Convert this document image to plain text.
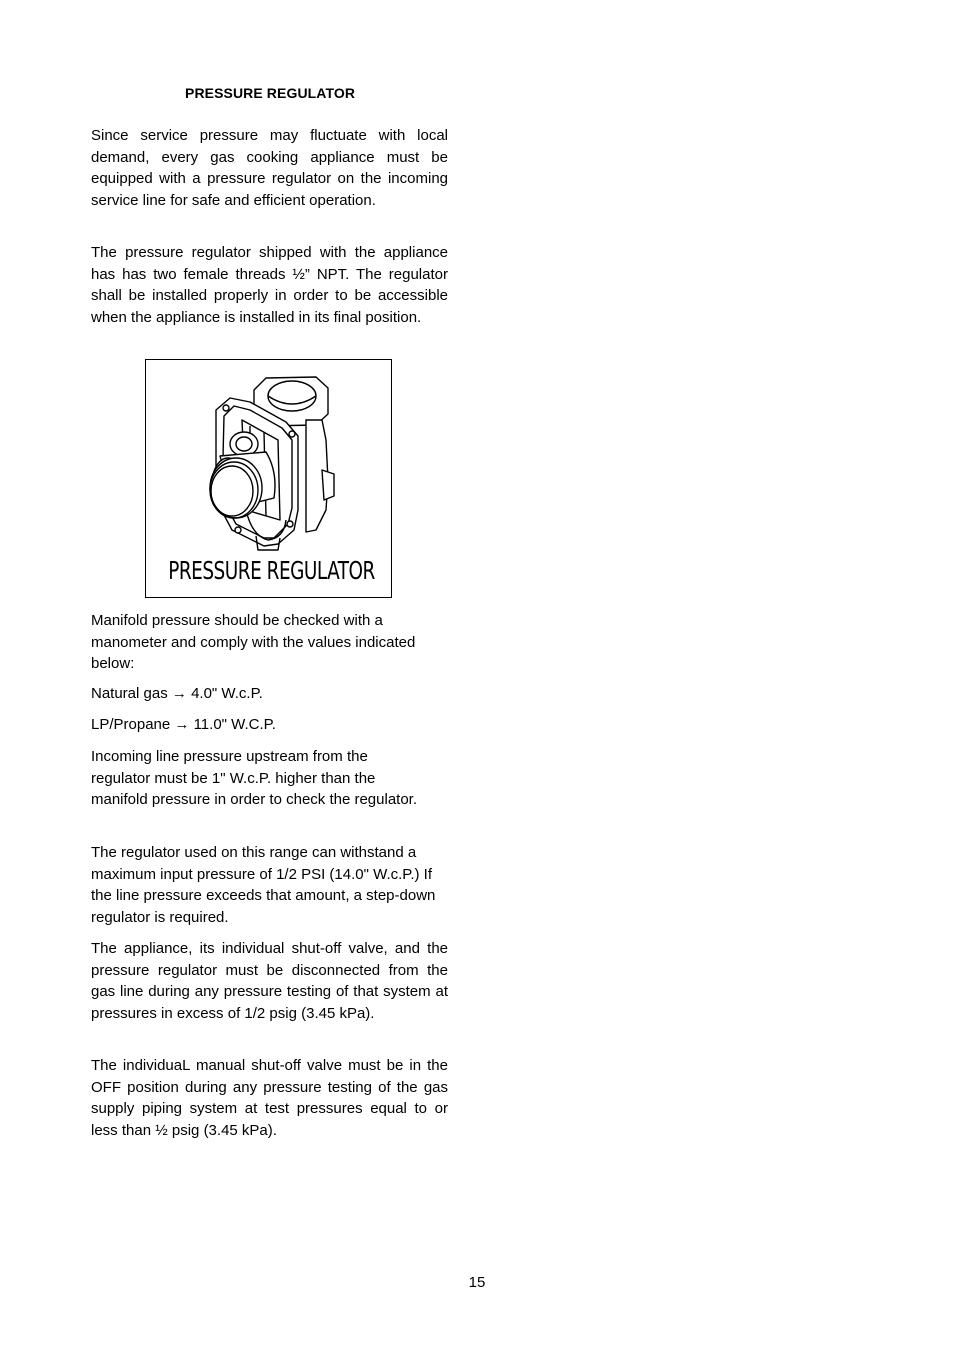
PRESSURE REGULATOR

Since service pressure may fluctuate with local demand, every gas cooking appliance must be equipped with a pressure regulator on the incoming service line for safe and efficient operation.

The pressure regulator shipped with the appliance has has two female threads ½” NPT. The regulator shall be installed properly in order to be accessible when the appliance is installed in its final position.

Manifold pressure should be checked with a manometer and comply with the values indicated below:

Natural gas → 4.0" W.c.P.

LP/Propane → 11.0" W.C.P.

Incoming line pressure upstream from the regulator must be 1" W.c.P. higher than the manifold pressure in order to check the regulator.

The regulator used on this range can withstand a maximum input pressure of 1/2 PSI (14.0" W.c.P.) If the line pressure exceeds that amount, a step-down regulator is required.

The appliance, its individual shut-off valve, and the pressure regulator must be disconnected from the gas line during any pressure testing of that system at pressures in excess of 1/2 psig (3.45 kPa).

The individuaL manual shut-off valve must be in the OFF position during any pressure testing of the gas supply piping system at test pressures equal to or less than ½ psig (3.45 kPa).

PRESSURE REGULATOR
15
